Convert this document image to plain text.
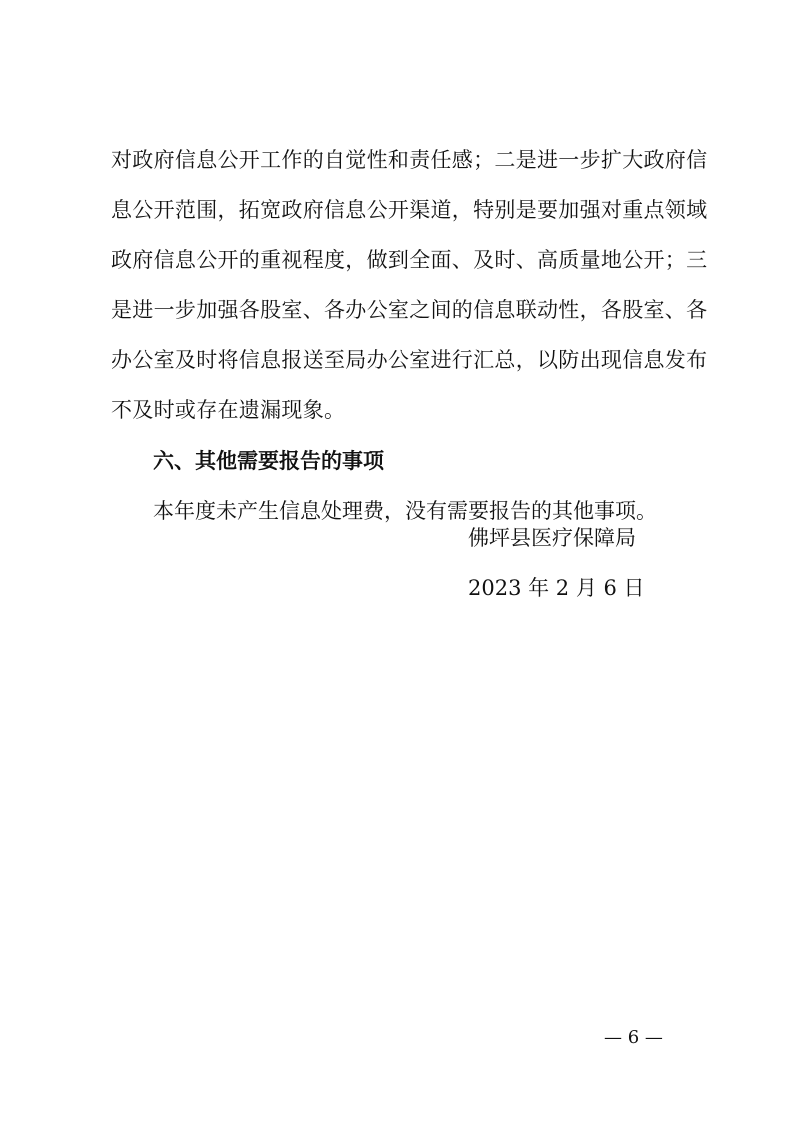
对政府信息公开工作的自觉性和责任感；二是进一步扩大政府信
息公开范围，拓宽政府信息公开渠道，特别是要加强对重点领域
政府信息公开的重视程度，做到全面、及时、高质量地公开；三
是进一步加强各股室、各办公室之间的信息联动性，各股室、各
办公室及时将信息报送至局办公室进行汇总，以防出现信息发布
不及时或存在遗漏现象。
六、其他需要报告的事项
本年度未产生信息处理费，没有需要报告的其他事项。
佛坪县医疗保障局
2023 年 2 月 6 日
— 6 —
